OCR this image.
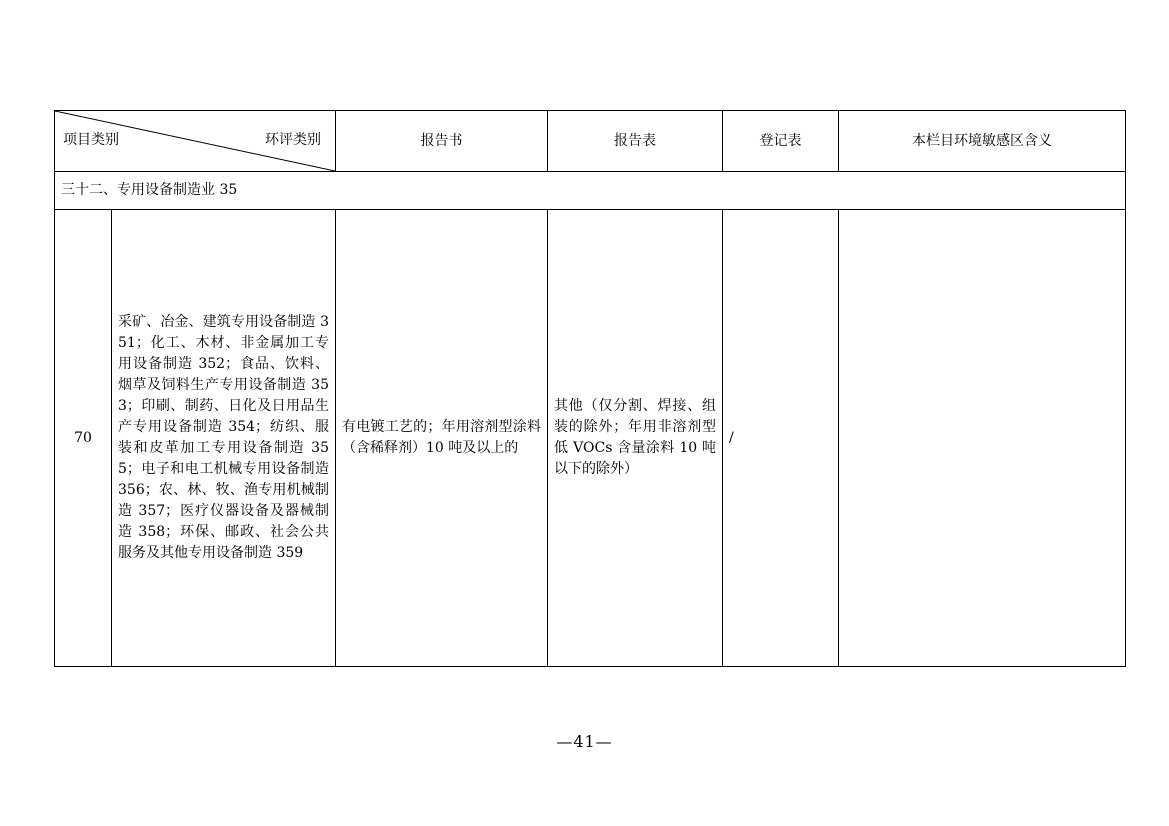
项目类别 环评类别		报告书	报告表	登记表	本栏目环境敏感区含义
三十二、专用设备制造业 35					
70	采矿、冶金、建筑专用设备制造 351；化工、木材、非金属加工专用设备制造 352；食品、饮料、烟草及饲料生产专用设备制造 353；印刷、制药、日化及日用品生产专用设备制造 354；纺织、服装和皮革加工专用设备制造 355；电子和电工机械专用设备制造 356；农、林、牧、渔专用机械制造 357；医疗仪器设备及器械制造 358；环保、邮政、社会公共服务及其他专用设备制造 359	有电镀工艺的；年用溶剂型涂料（含稀释剂）10 吨及以上的	其他（仅分割、焊接、组装的除外；年用非溶剂型低 VOCs 含量涂料 10 吨以下的除外）	/	
—41—
